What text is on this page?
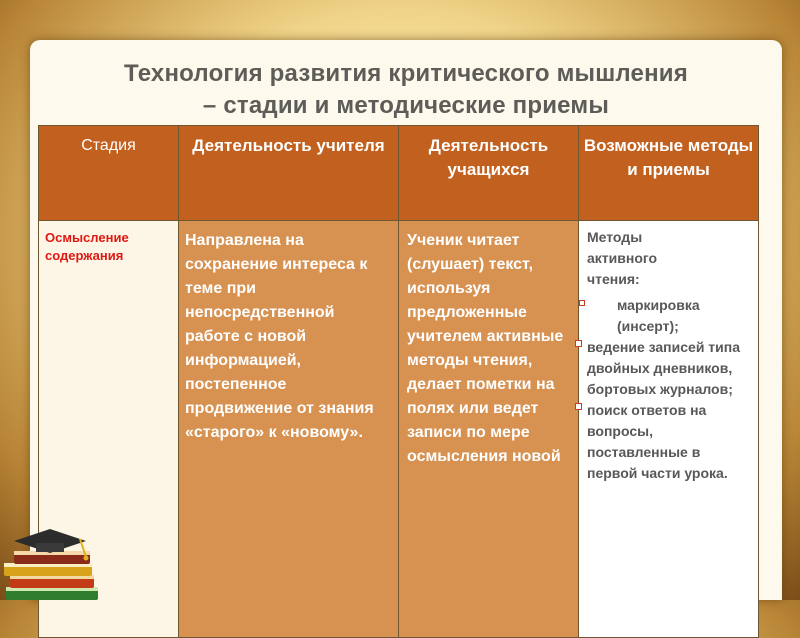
Технология развития критического мышления
– стадии и методические приемы
Стадия	Деятельность учителя	Деятельность учащихся	Возможные методы и приемы
Осмысление содержания	Направлена на сохранение интереса к теме при непосредственной работе с новой информацией, постепенное продвижение от знания «старого» к «новому».	Ученик читает (слушает) текст, используя предложенные учителем активные методы чтения, делает пометки на полях или ведет записи по мере осмысления новой	Методы активного чтения:
маркировка (инсерт);
ведение записей типа двойных дневников, бортовых журналов;
поиск ответов на вопросы, поставленные в первой части урока.
